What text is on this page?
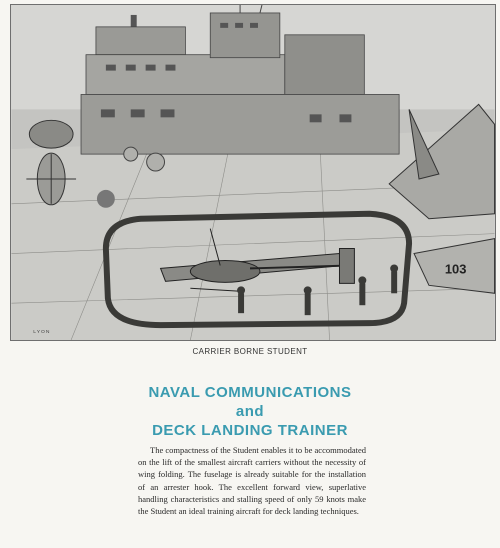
103
LYON
CARRIER BORNE STUDENT
NAVAL COMMUNICATIONS
and
DECK LANDING TRAINER

The compactness of the Student enables it to be accommodated on the lift of the smallest aircraft carriers without the necessity of wing folding. The fuselage is already suitable for the installation of an arrester hook. The excellent forward view, superlative handling characteristics and stalling speed of only 59 knots make the Student an ideal training aircraft for deck landing techniques.
